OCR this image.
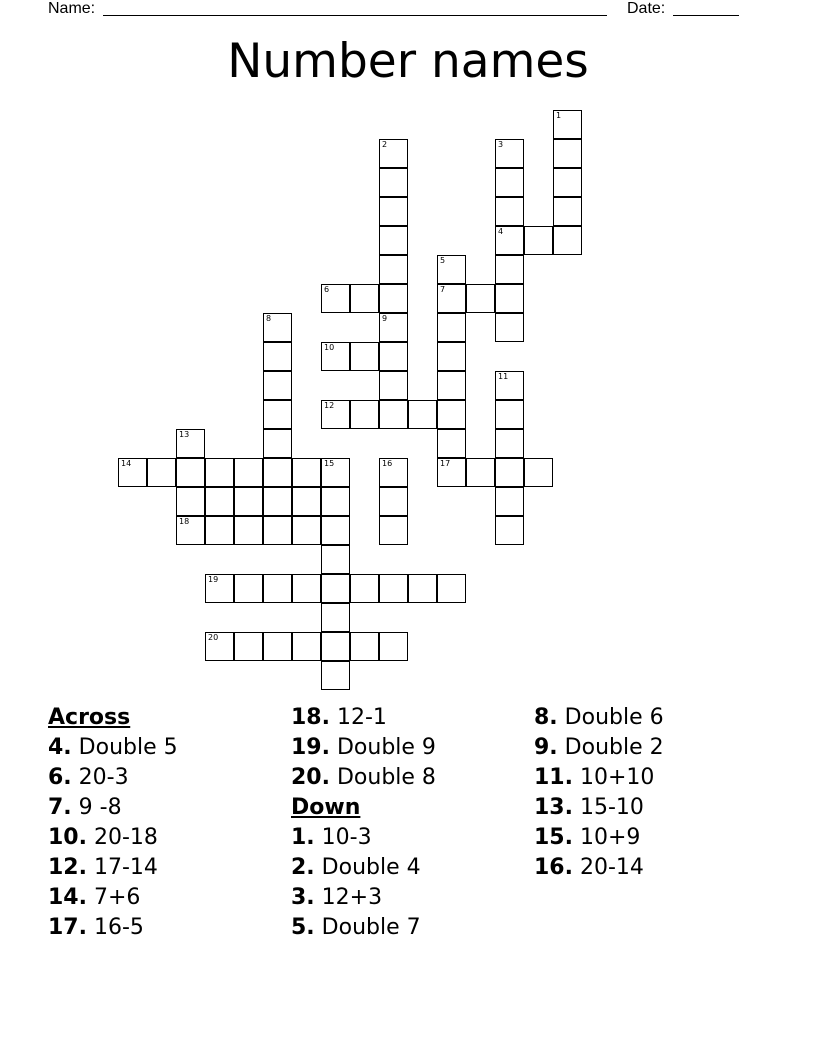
Name:	Date:
Number names
1
2	3
4
5
6	7
8	9
10
11
12
13
14	15	16	17
18
19
20
Across
4. Double 5
6. 20-3
7. 9 -8
10. 20-18
12. 17-14
14. 7+6
17. 16-5
18. 12-1
19. Double 9
20. Double 8
Down
1. 10-3
2. Double 4
3. 12+3
5. Double 7
8. Double 6
9. Double 2
11. 10+10
13. 15-10
15. 10+9
16. 20-14
